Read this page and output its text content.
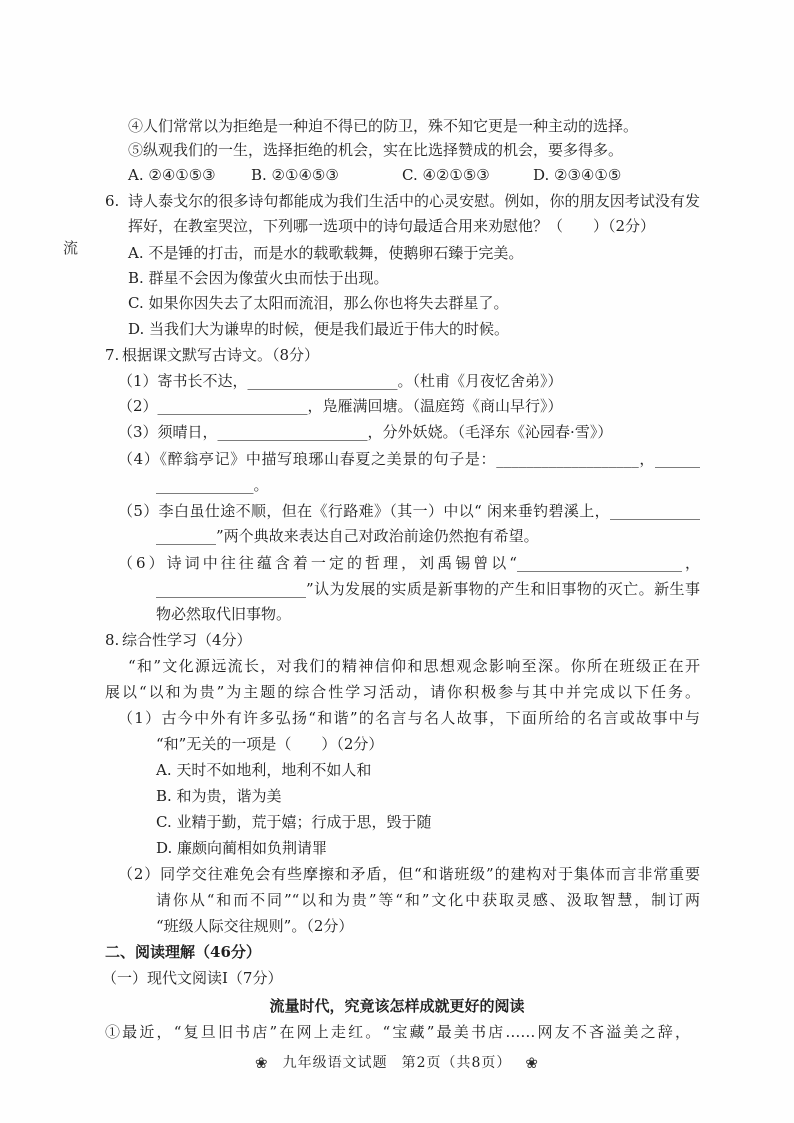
④人们常常以为拒绝是一种迫不得已的防卫，殊不知它更是一种主动的选择。
⑤纵观我们的一生，选择拒绝的机会，实在比选择赞成的机会，要多得多。
A. ②④①⑤③ B. ②①④⑤③	C. ④②①⑤③	D. ②③④①⑤
流
6. 诗人泰戈尔的很多诗句都能成为我们生活中的心灵安慰。例如，你的朋友因考试没有发
挥好，在教室哭泣，下列哪一选项中的诗句最适合用来劝慰他？（　　）（2分）
A. 不是锤的打击，而是水的载歌载舞，使鹅卵石臻于完美。
B. 群星不会因为像萤火虫而怯于出现。
C. 如果你因失去了太阳而流泪，那么你也将失去群星了。
D. 当我们大为谦卑的时候，便是我们最近于伟大的时候。
7. 根据课文默写古诗文。（8分）
（1）寄书长不达，____________________。（杜甫《月夜忆舍弟》）
（2）____________________，凫雁满回塘。（温庭筠《商山早行》）
（3）须晴日，____________________，分外妖娆。（毛泽东《沁园春·雪》）
（4）《醉翁亭记》中描写琅琊山春夏之美景的句子是：___________________，______
_____________。
（5）李白虽仕途不顺，但在《行路难》（其一）中以“ 闲来垂钓碧溪上，____________
________”两个典故来表达自己对政治前途仍然抱有希望。
（6）诗词中往往蕴含着一定的哲理，刘禹锡曾以“______________________，
____________________”认为发展的实质是新事物的产生和旧事物的灭亡。新生事
物必然取代旧事物。
8. 综合性学习（4分）
“和”文化源远流长，对我们的精神信仰和思想观念影响至深。你所在班级正在开
展以“以和为贵”为主题的综合性学习活动，请你积极参与其中并完成以下任务。
（1）古今中外有许多弘扬“和谐”的名言与名人故事，下面所给的名言或故事中与
“和”无关的一项是（　　）（2分）
A. 天时不如地利，地利不如人和
B. 和为贵，谐为美
C. 业精于勤，荒于嬉；行成于思，毁于随
D. 廉颇向蔺相如负荆请罪
（2）同学交往难免会有些摩擦和矛盾，但“和谐班级”的建构对于集体而言非常重要
请你从“和而不同”“以和为贵”等“和”文化中获取灵感、汲取智慧，制订两
“班级人际交往规则”。（2分）
二、阅读理解（46分）
（一）现代文阅读Ⅰ（7分）
流量时代，究竟该怎样成就更好的阅读
①最近，“复旦旧书店”在网上走红。“宝藏”最美书店……网友不吝溢美之辞，
❀ 九年级语文试题 第2页（共8页） ❀
